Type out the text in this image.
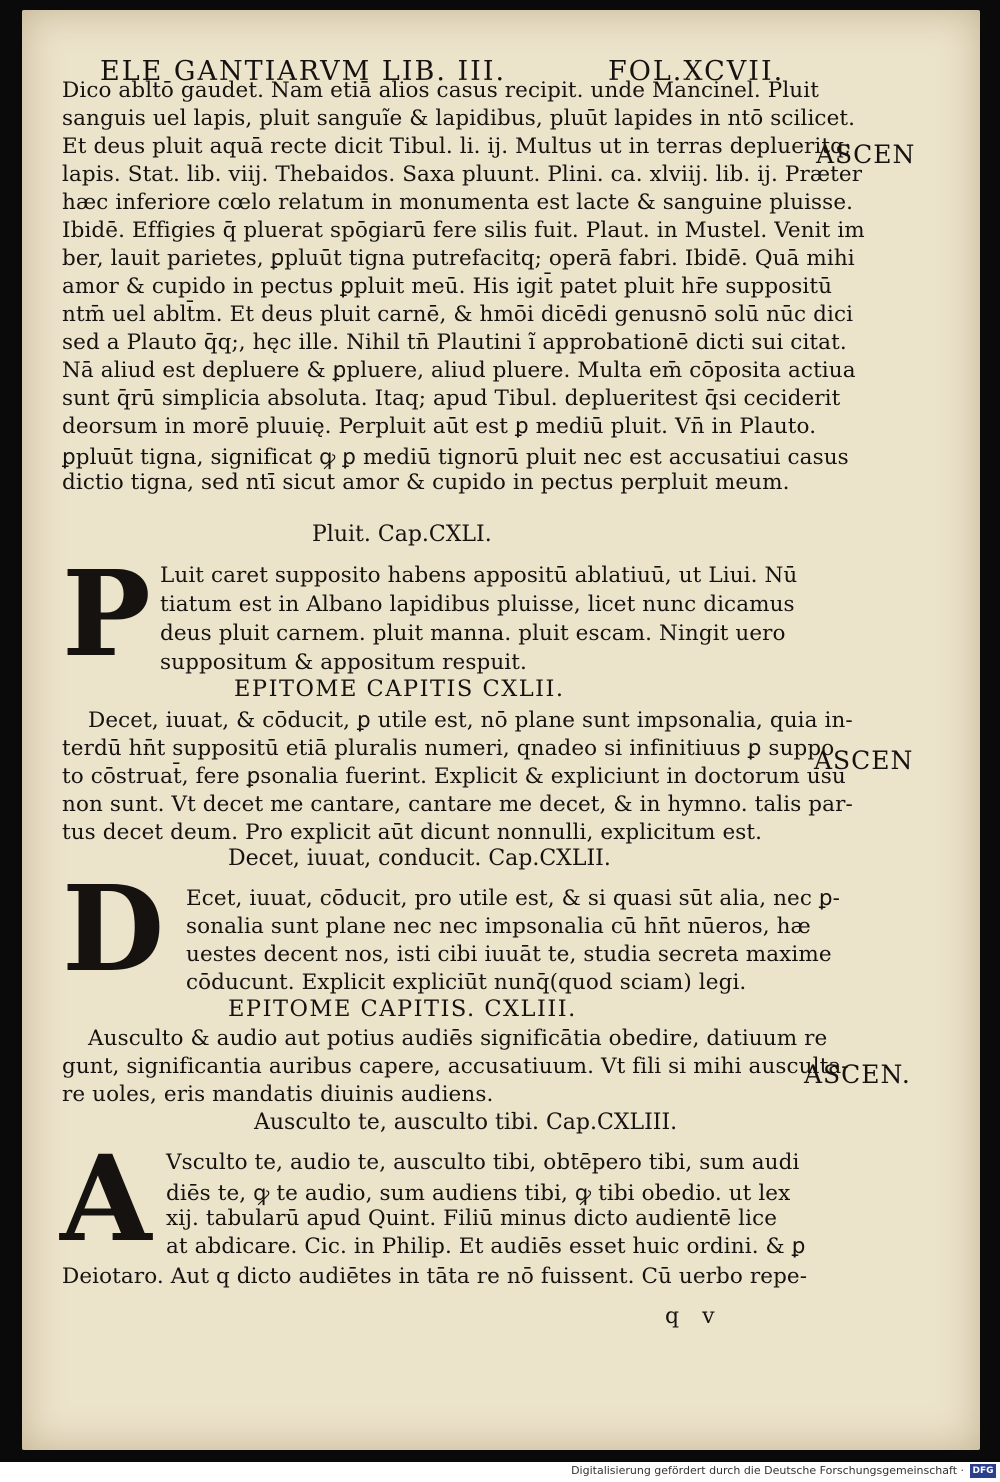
ELE GANTIARVM LIB. III.	FOL.XCVII.
Dico abltō gaudet. Nam etiā alios casus recipit. unde Mancinel. Pluit
sanguis uel lapis, pluit sanguĩe & lapidibus, pluūt lapides in ntō scilicet.
Et deus pluit aquā recte dicit Tibul. li. ij. Multus ut in terras deplueritq;
lapis. Stat. lib. viij. Thebaidos. Saxa pluunt. Plini. ca. xlviij. lib. ij. Præter
hæc inferiore cœlo relatum in monumenta est lacte & sanguine pluisse.
Ibidē. Effigies q̄ pluerat spōgiarū fere silis fuit. Plaut. in Mustel. Venit im
ber, lauit parietes, ꝑpluūt tigna putrefacitq; operā fabri. Ibidē. Quā mihi
amor & cupido in pectus ꝑpluit meū. His igit̄ patet pluit hr̄e suppositū
ntm̄ uel ablt̄m. Et deus pluit carnē, & hmōi dicēdi genusnō solū nūc dici
sed a Plauto q̄q;, hęc ille. Nihil tn̄ Plautini ĩ approbationē dicti sui citat.
Nā aliud est depluere & ꝑpluere, aliud pluere. Multa em̄ cōposita actiua
sunt q̄rū simplicia absoluta. Itaq; apud Tibul. deplueritest q̄si ceciderit
deorsum in morē pluuię. Perpluit aūt est ꝑ mediū pluit. Vn̄ in Plauto.
ꝑpluūt tigna, significat ꝙ ꝑ mediū tignorū pluit nec est accusatiui casus
dictio tigna, sed ntī sicut amor & cupido in pectus perpluit meum.
ASCEN
Pluit. Cap.CXLI.
P Luit caret supposito habens appositū ablatiuū, ut Liui. Nū
tiatum est in Albano lapidibus pluisse, licet nunc dicamus
deus pluit carnem. pluit manna. pluit escam. Ningit uero
suppositum & appositum respuit.
EPITOME CAPITIS CXLII.
Decet, iuuat, & cōducit, ꝑ utile est, nō plane sunt impsonalia, quia in-
terdū hn̄t suppositū etiā pluralis numeri, qnadeo si infinitiuus ꝑ suppo
to cōstruat̄, fere ꝑsonalia fuerint. Explicit & expliciunt in doctorum usu
non sunt. Vt decet me cantare, cantare me decet, & in hymno. talis par-
tus decet deum. Pro explicit aūt dicunt nonnulli, explicitum est.
ASCEN
Decet, iuuat, conducit. Cap.CXLII.
D Ecet, iuuat, cōducit, pro utile est, & si quasi sūt alia, nec ꝑ-
sonalia sunt plane nec nec impsonalia cū hn̄t nūeros, hæ
uestes decent nos, isti cibi iuuāt te, studia secreta maxime
cōducunt. Explicit expliciūt nunq̄(quod sciam) legi.
EPITOME CAPITIS. CXLIII.
Ausculto & audio aut potius audiēs significātia obedire, datiuum re
gunt, significantia auribus capere, accusatiuum. Vt fili si mihi ausculta-
re uoles, eris mandatis diuinis audiens.
ASCEN.
Ausculto te, ausculto tibi. Cap.CXLIII.
A Vsculto te, audio te, ausculto tibi, obtēpero tibi, sum audi
diēs te, ꝙ te audio, sum audiens tibi, ꝙ tibi obedio. ut lex
xij. tabularū apud Quint. Filiū minus dicto audientē lice
at abdicare. Cic. in Philip. Et audiēs esset huic ordini. & ꝑ
Deiotaro. Aut q dicto audiētes in tāta re nō fuissent. Cū uerbo repe-
q v
Digitalisierung gefördert durch die Deutsche Forschungsgemeinschaft · DFG
